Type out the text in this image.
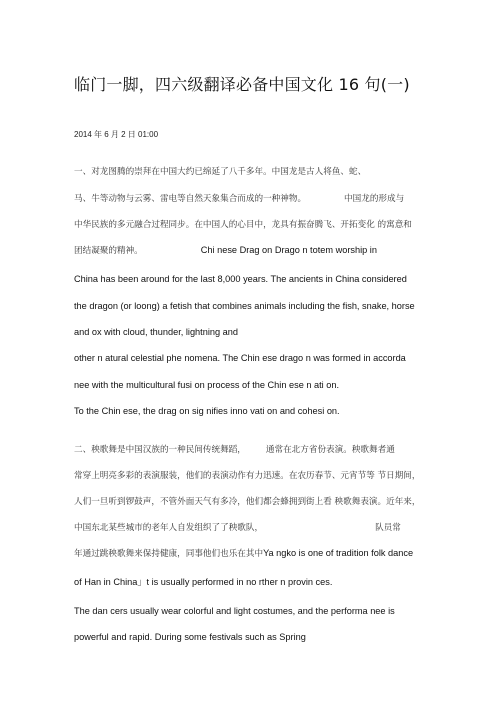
临门一脚，四六级翻译必备中国文化 16 句(一)
2014 年 6 月 2 日 01:00
一、对龙图腾的崇拜在中国大约已绵延了八千多年。中国龙是古人将鱼、蛇、
马、牛等动物与云雾、雷电等自然天象集合而成的一种神物。	中国龙的形成与
中华民族的多元融合过程同步。在中国人的心目中，龙具有振奋腾飞、开拓变化 的寓意和
团结凝聚的精神。	Chi nese Drag on Drago n totem worship in
China has been around for the last 8,000 years. The ancients in China considered
the dragon (or loong) a fetish that combines animals including the fish, snake, horse
and ox with cloud, thunder, lightning and
other n atural celestial phe nomena. The Chin ese drago n was formed in accorda
nee with the multicultural fusi on process of the Chin ese n ati on.
To the Chin ese, the drag on sig nifies inno vati on and cohesi on.
二、秧歌舞是中国汉族的一种民间传统舞蹈， 通常在北方省份表演。秧歌舞者通
常穿上明亮多彩的表演服装，他们的表演动作有力迅速。在农历春节、元宵节等 节日期间，
人们一旦听到锣鼓声，不管外面天气有多冷，他们都会蜂拥到街上看 秧歌舞表演。近年来，
中国东北某些城市的老年人自发组织了了秧歌队，	队员常
年通过跳秧歌舞来保持健康，同事他们也乐在其中Ya ngko is one of tradition folk dance
of Han in China」t is usually performed in no rther n provin ces.
The dan cers usually wear colorful and light costumes, and the performa nee is
powerful and rapid. During some festivals such as Spring
